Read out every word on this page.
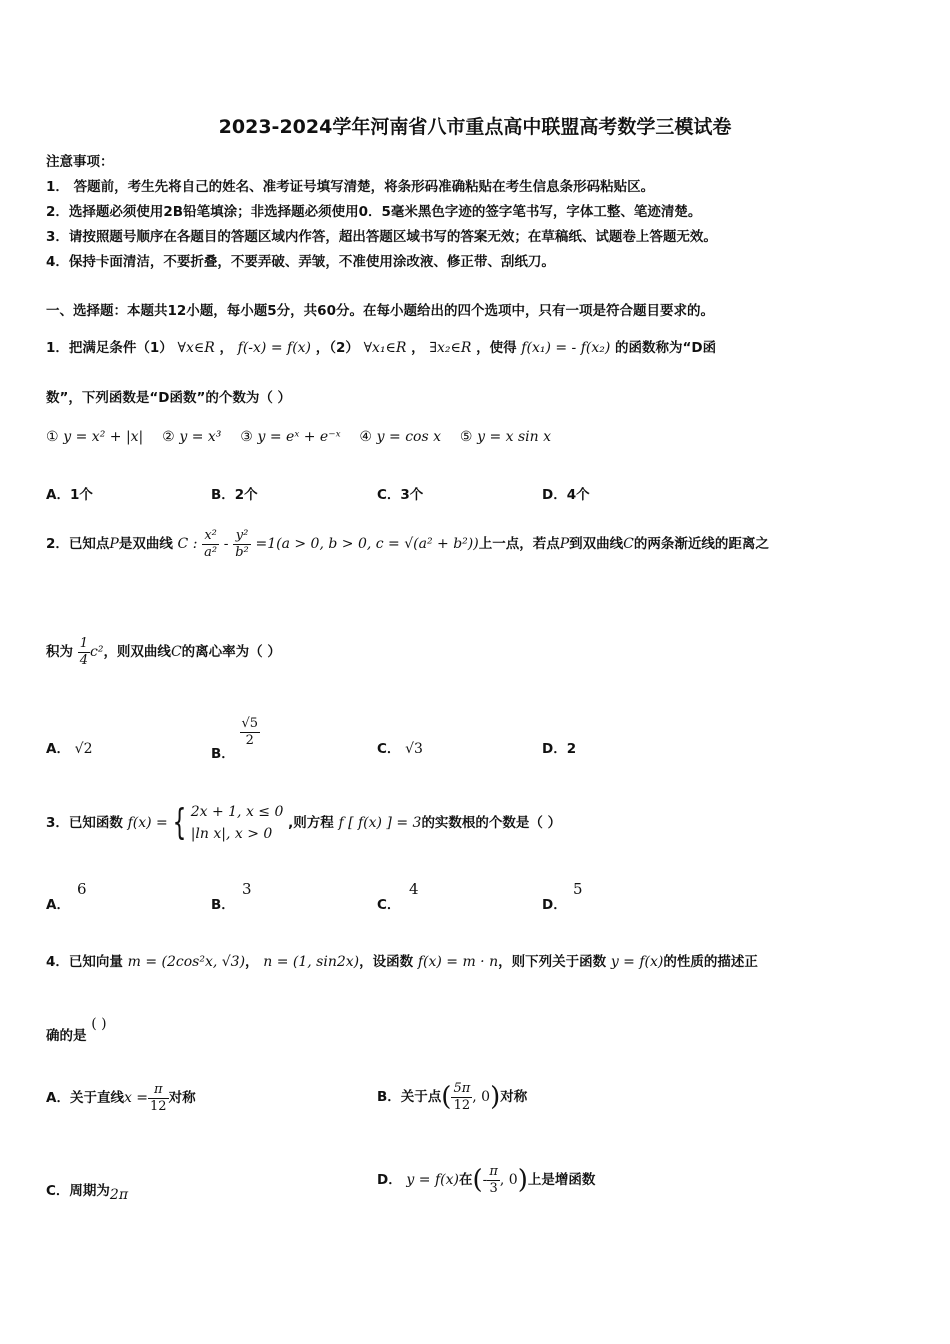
2023-2024学年河南省八市重点高中联盟高考数学三模试卷
注意事项：
1． 答题前，考生先将自己的姓名、准考证号填写清楚，将条形码准确粘贴在考生信息条形码粘贴区。
2．选择题必须使用2B铅笔填涂；非选择题必须使用0．5毫米黑色字迹的签字笔书写，字体工整、笔迹清楚。
3．请按照题号顺序在各题目的答题区域内作答，超出答题区域书写的答案无效；在草稿纸、试题卷上答题无效。
4．保持卡面清洁，不要折叠，不要弄破、弄皱，不准使用涂改液、修正带、刮纸刀。
一、选择题：本题共12小题，每小题5分，共60分。在每小题给出的四个选项中，只有一项是符合题目要求的。
1．把满足条件（1） ∀x∈R ， f(-x) = f(x) ，（2） ∀x₁∈R ， ∃x₂∈R ，使得 f(x₁) = - f(x₂) 的函数称为“D函
数”，下列函数是“D函数”的个数为（ ）
① y = x² + |x| ② y = x³ ③ y = eˣ + e⁻ˣ ④ y = cos x ⑤ y = x sin x
A．1个	B．2个	C．3个	D．4个
2．已知点P是双曲线 C : $\frac{\text{x²}}{\text{a²}} - \frac{\text{y²}}{\text{b²}} =1(a > 0$, b > 0, c = √(a² + b²))上一点，若点P到双曲线C的两条渐近线的距离之
积为 $\frac{1}{4} c^2$，则双曲线C的离心率为（ ）
A． √2	B．
$\frac{√5}{2}$	C． √3	D．2
3．已知函数 f(x) = { 2x + 1, x ≤ 0
|ln x|, x > 0
,则方程 f [ f(x) ] = 3的实数根的个数是（ ）
A．
6
B．
3
C．
4
D．
5
4．已知向量 m = (2cos²x, √3)， n = (1, sin2x)，设函数 f(x) = m · n，则下列关于函数 y = f(x)的性质的描述正
确的是 ( )
A．关于直线$x = \frac{\pi}{12}$ 对称	B．关于点( $\frac{5\pi}{12}$ , 0)对称
C．周期为2π
D． y = f(x)在(- $\frac{\pi}{3}$ , 0)上是增函数
